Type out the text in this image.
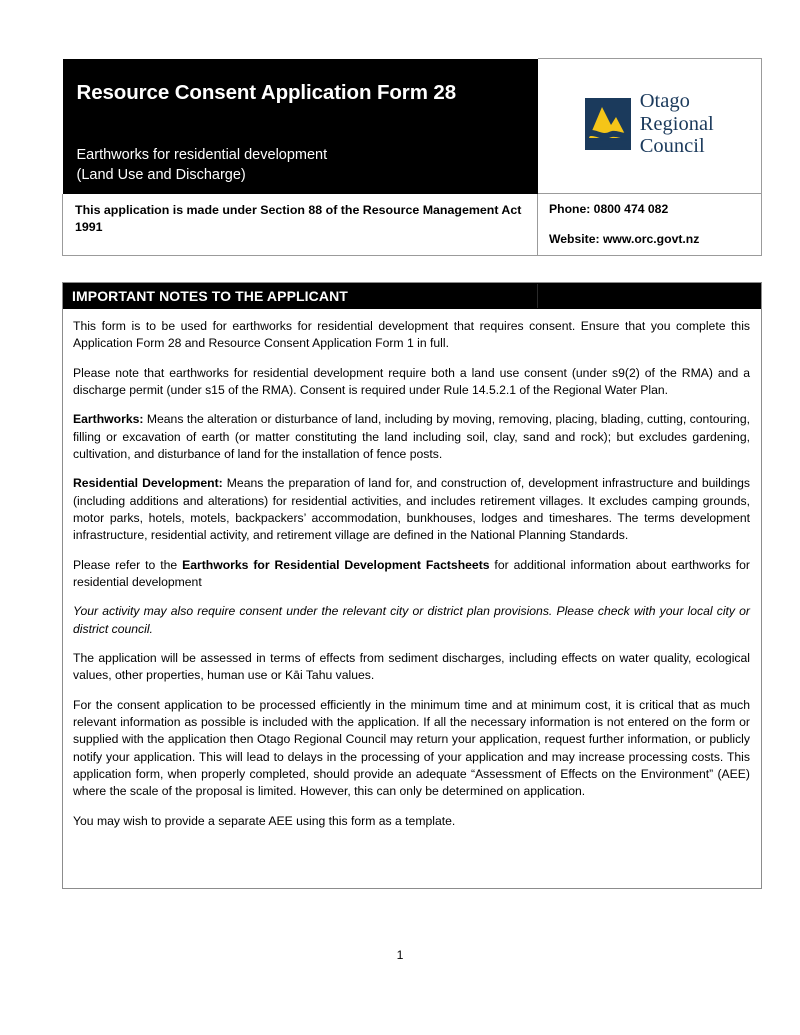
Resource Consent Application Form 28
Earthworks for residential development
(Land Use and Discharge)

Otago
Regional
Council

This application is made under Section 88 of the Resource Management Act 1991	Phone: 0800 474 082
Website: www.orc.govt.nz
IMPORTANT NOTES TO THE APPLICANT

This form is to be used for earthworks for residential development that requires consent. Ensure that you complete this Application Form 28 and Resource Consent Application Form 1 in full.

Please note that earthworks for residential development require both a land use consent (under s9(2) of the RMA) and a discharge permit (under s15 of the RMA). Consent is required under Rule 14.5.2.1 of the Regional Water Plan.

Earthworks: Means the alteration or disturbance of land, including by moving, removing, placing, blading, cutting, contouring, filling or excavation of earth (or matter constituting the land including soil, clay, sand and rock); but excludes gardening, cultivation, and disturbance of land for the installation of fence posts.

Residential Development: Means the preparation of land for, and construction of, development infrastructure and buildings (including additions and alterations) for residential activities, and includes retirement villages. It excludes camping grounds, motor parks, hotels, motels, backpackers’ accommodation, bunkhouses, lodges and timeshares. The terms development infrastructure, residential activity, and retirement village are defined in the National Planning Standards.

Please refer to the Earthworks for Residential Development Factsheets for additional information about earthworks for residential development

Your activity may also require consent under the relevant city or district plan provisions. Please check with your local city or district council.

The application will be assessed in terms of effects from sediment discharges, including effects on water quality, ecological values, other properties, human use or Kāi Tahu values.

For the consent application to be processed efficiently in the minimum time and at minimum cost, it is critical that as much relevant information as possible is included with the application. If all the necessary information is not entered on the form or supplied with the application then Otago Regional Council may return your application, request further information, or publicly notify your application. This will lead to delays in the processing of your application and may increase processing costs. This application form, when properly completed, should provide an adequate “Assessment of Effects on the Environment” (AEE) where the scale of the proposal is limited. However, this can only be determined on application.

You may wish to provide a separate AEE using this form as a template.

1
